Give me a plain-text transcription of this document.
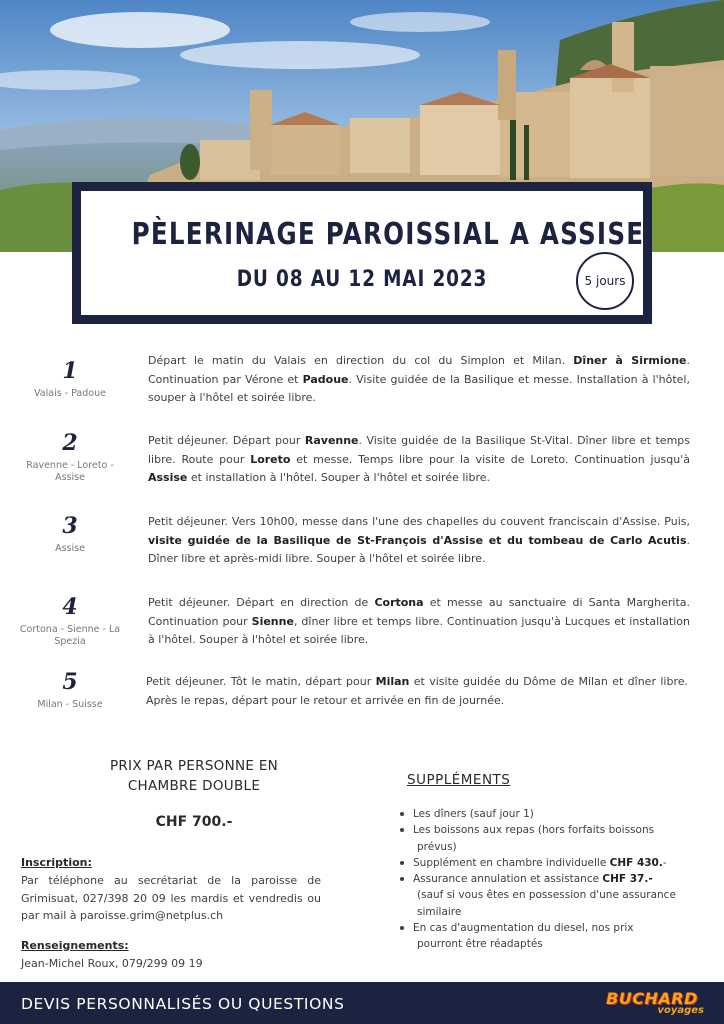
PÈLERINAGE PAROISSIAL A ASSISE
DU 08 AU 12 MAI 2023	5 jours
1
Valais - Padoue
Départ le matin du Valais en direction du col du Simplon et Milan. Dîner à Sirmione. Continuation par Vérone et Padoue. Visite guidée de la Basilique et messe. Installation à l'hôtel, souper à l'hôtel et soirée libre.
2
Ravenne - Loreto - Assise
Petit déjeuner. Départ pour Ravenne. Visite guidée de la Basilique St-Vital. Dîner libre et temps libre. Route pour Loreto et messe. Temps libre pour la visite de Loreto. Continuation jusqu'à Assise et installation à l'hôtel. Souper à l'hôtel et soirée libre.
3
Assise
Petit déjeuner. Vers 10h00, messe dans l'une des chapelles du couvent franciscain d'Assise. Puis, visite guidée de la Basilique de St-François d'Assise et du tombeau de Carlo Acutis. Dîner libre et après-midi libre. Souper à l'hôtel et soirée libre.
4
Cortona - Sienne - La Spezia
Petit déjeuner. Départ en direction de Cortona et messe au sanctuaire di Santa Margherita. Continuation pour Sienne, dîner libre et temps libre. Continuation jusqu'à Lucques et installation à l'hôtel. Souper à l'hôtel et soirée libre.
5
Milan - Suisse
Petit déjeuner. Tôt le matin, départ pour Milan et visite guidée du Dôme de Milan et dîner libre. Après le repas, départ pour le retour et arrivée en fin de journée.
PRIX PAR PERSONNE EN
CHAMBRE DOUBLE
CHF 700.-
Inscription:
Par téléphone au secrétariat de la paroisse de Grimisuat, 027/398 20 09 les mardis et vendredis ou par mail à paroisse.grim@netplus.ch
Renseignements:
Jean-Michel Roux, 079/299 09 19
SUPPLÉMENTS
Les dîners (sauf jour 1)
Les boissons aux repas (hors forfaits boissons
prévus)
Supplément en chambre individuelle CHF 430.-
Assurance annulation et assistance CHF 37.-
(sauf si vous êtes en possession d'une assurance similaire
En cas d'augmentation du diesel, nos prix
pourront être réadaptés
DEVIS PERSONNALISÉS OU QUESTIONS	BUCHARD
voyages
